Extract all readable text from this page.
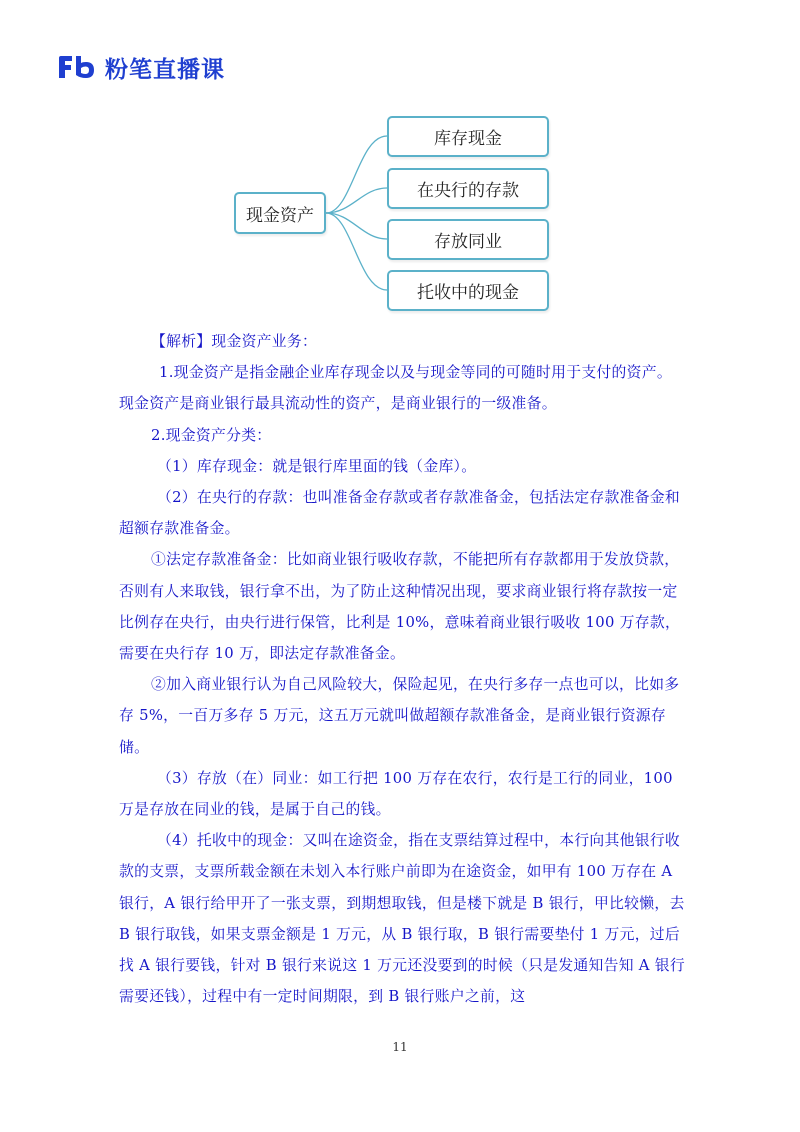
粉笔直播课
现金资产
库存现金
在央行的存款
存放同业
托收中的现金

【解析】现金资产业务：

1.现金资产是指金融企业库存现金以及与现金等同的可随时用于支付的资产。现金资产是商业银行最具流动性的资产，是商业银行的一级准备。

2.现金资产分类：

（1）库存现金：就是银行库里面的钱（金库）。

（2）在央行的存款：也叫准备金存款或者存款准备金，包括法定存款准备金和超额存款准备金。

①法定存款准备金：比如商业银行吸收存款，不能把所有存款都用于发放贷款，否则有人来取钱，银行拿不出，为了防止这种情况出现，要求商业银行将存款按一定比例存在央行，由央行进行保管，比利是 10%，意味着商业银行吸收 100 万存款，需要在央行存 10 万，即法定存款准备金。

②加入商业银行认为自己风险较大，保险起见，在央行多存一点也可以，比如多存 5%，一百万多存 5 万元，这五万元就叫做超额存款准备金，是商业银行资源存储。

（3）存放（在）同业：如工行把 100 万存在农行，农行是工行的同业，100 万是存放在同业的钱，是属于自己的钱。

（4）托收中的现金：又叫在途资金，指在支票结算过程中，本行向其他银行收款的支票，支票所载金额在未划入本行账户前即为在途资金，如甲有 100 万存在 A 银行，A 银行给甲开了一张支票，到期想取钱，但是楼下就是 B 银行，甲比较懒，去 B 银行取钱，如果支票金额是 1 万元，从 B 银行取，B 银行需要垫付 1 万元，过后找 A 银行要钱，针对 B 银行来说这 1 万元还没要到的时候（只是发通知告知 A 银行需要还钱），过程中有一定时间期限，到 B 银行账户之前，这

11
